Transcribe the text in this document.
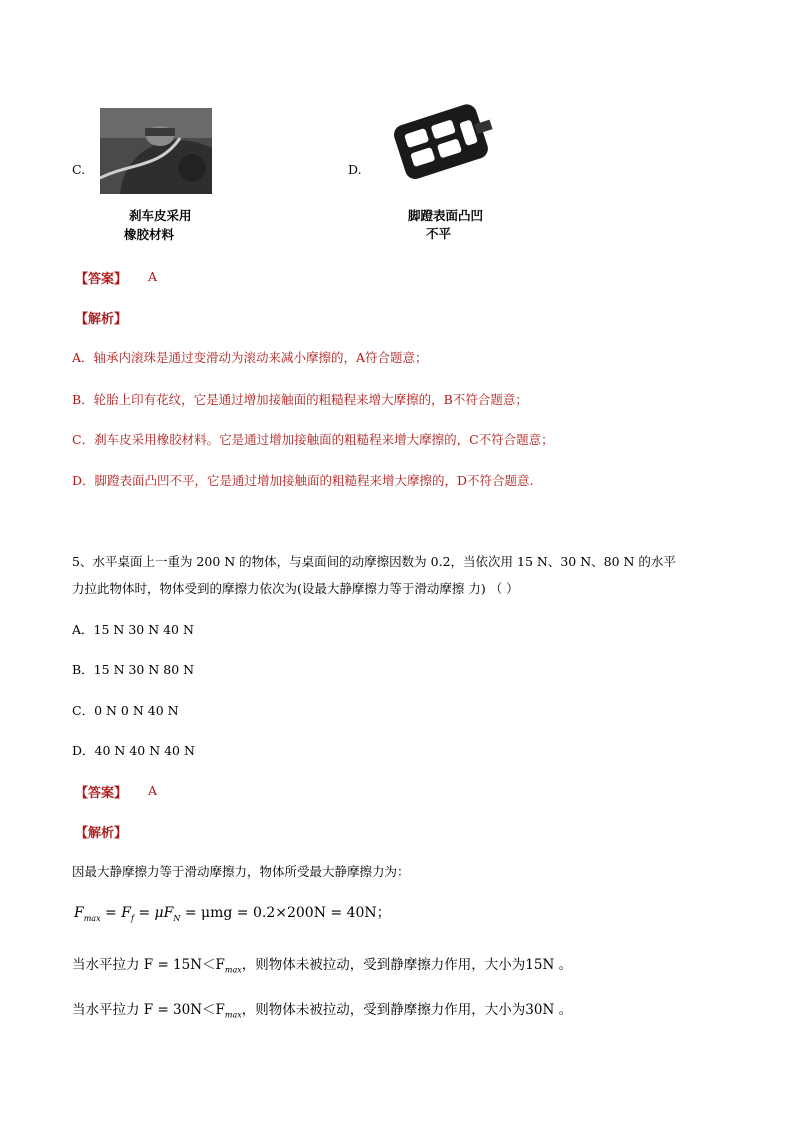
C.
刹车皮采用
橡胶材料
D.
脚蹬表面凸凹
不平
【答案】 A
【解析】
A．轴承内滚珠是通过变滑动为滚动来减小摩擦的，A符合题意；
B．轮胎上印有花纹，它是通过增加接触面的粗糙程来增大摩擦的，B不符合题意；
C．刹车皮采用橡胶材料。它是通过增加接触面的粗糙程来增大摩擦的，C不符合题意；
D．脚蹬表面凸凹不平，它是通过增加接触面的粗糙程来增大摩擦的，D不符合题意.
5、水平桌面上一重为 200 N 的物体，与桌面间的动摩擦因数为 0.2，当依次用 15 N、30 N、80 N 的水平
力拉此物体时，物体受到的摩擦力依次为(设最大静摩擦力等于滑动摩擦 力) （ ）
A．15 N 30 N 40 N
B．15 N 30 N 80 N
C．0 N 0 N 40 N
D．40 N 40 N 40 N
【答案】 A
【解析】
因最大静摩擦力等于滑动摩擦力，物体所受最大静摩擦力为：
$F_{max} = F_f = \mu F_N = \mu mg = 0.2\times 200N = 40N$；
当水平拉力 $F = 15N<F_{max}$，则物体未被拉动，受到静摩擦力作用，大小为15N 。
当水平拉力 $F = 30N<F_{max}$，则物体未被拉动，受到静摩擦力作用，大小为30N 。
